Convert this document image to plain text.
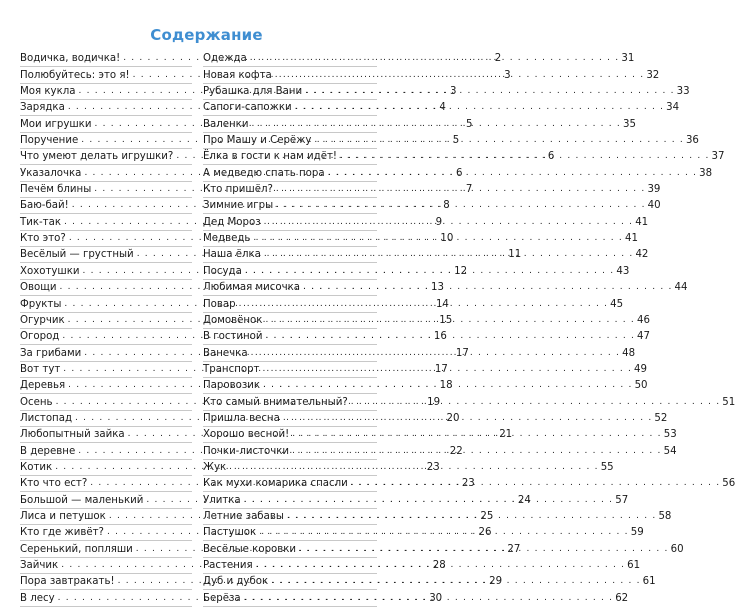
Содержание
Водичка, водичка! . . .	2
Полюбуйтесь: это я! . . .	3
Моя кукла . . .	3
Зарядка . . .	4
Мои игрушки . . .	5
Поручение . . .	5
Что умеют делать игрушки? . . .	6
Указалочка . . .	6
Печём блины . . .	7
Баю-бай! . . .	8
Тик-так . . .	9
Кто это? . . .	10
Весёлый — грустный . . .	11
Хохотушки . . .	12
Овощи . . .	13
Фрукты . . .	14
Огурчик . . .	15
Огород . . .	16
За грибами . . .	17
Вот тут . . .	17
Деревья . . .	18
Осень . . .	19
Листопад . . .	20
Любопытный зайка . . .	21
В деревне . . .	22
Котик . . .	23
Кто что ест? . . .	23
Большой — маленький . . .	24
Лиса и петушок . . .	25
Кто где живёт? . . .	26
Серенький, попляши . . .	27
Зайчик . . .	28
Пора завтракать! . . .	29
В лесу . . .	30
Одежда . . .	31
Новая кофта . . .	32
Рубашка для Вани . . .	33
Сапоги-сапожки . . .	34
Валенки . . .	35
Про Машу и Серёжу . . .	36
Ёлка в гости к нам идёт! . . .	37
А медведю спать пора . . .	38
Кто пришёл? . . .	39
Зимние игры . . .	40
Дед Мороз . . .	41
Медведь . . .	41
Наша ёлка . . .	42
Посуда . . .	43
Любимая мисочка . . .	44
Повар . . .	45
Домовёнок . . .	46
В гостиной . . .	47
Ванечка . . .	48
Транспорт . . .	49
Паровозик . . .	50
Кто самый внимательный? . . .	51
Пришла весна . . .	52
Хорошо весной! . . .	53
Почки-листочки . . .	54
Жук . . .	55
Как мухи комарика спасли . . .	56
Улитка . . .	57
Летние забавы . . .	58
Пастушок . . .	59
Весёлые коровки . . .	60
Растения . . .	61
Дуб и дубок . . .	61
Берёза . . .	62
